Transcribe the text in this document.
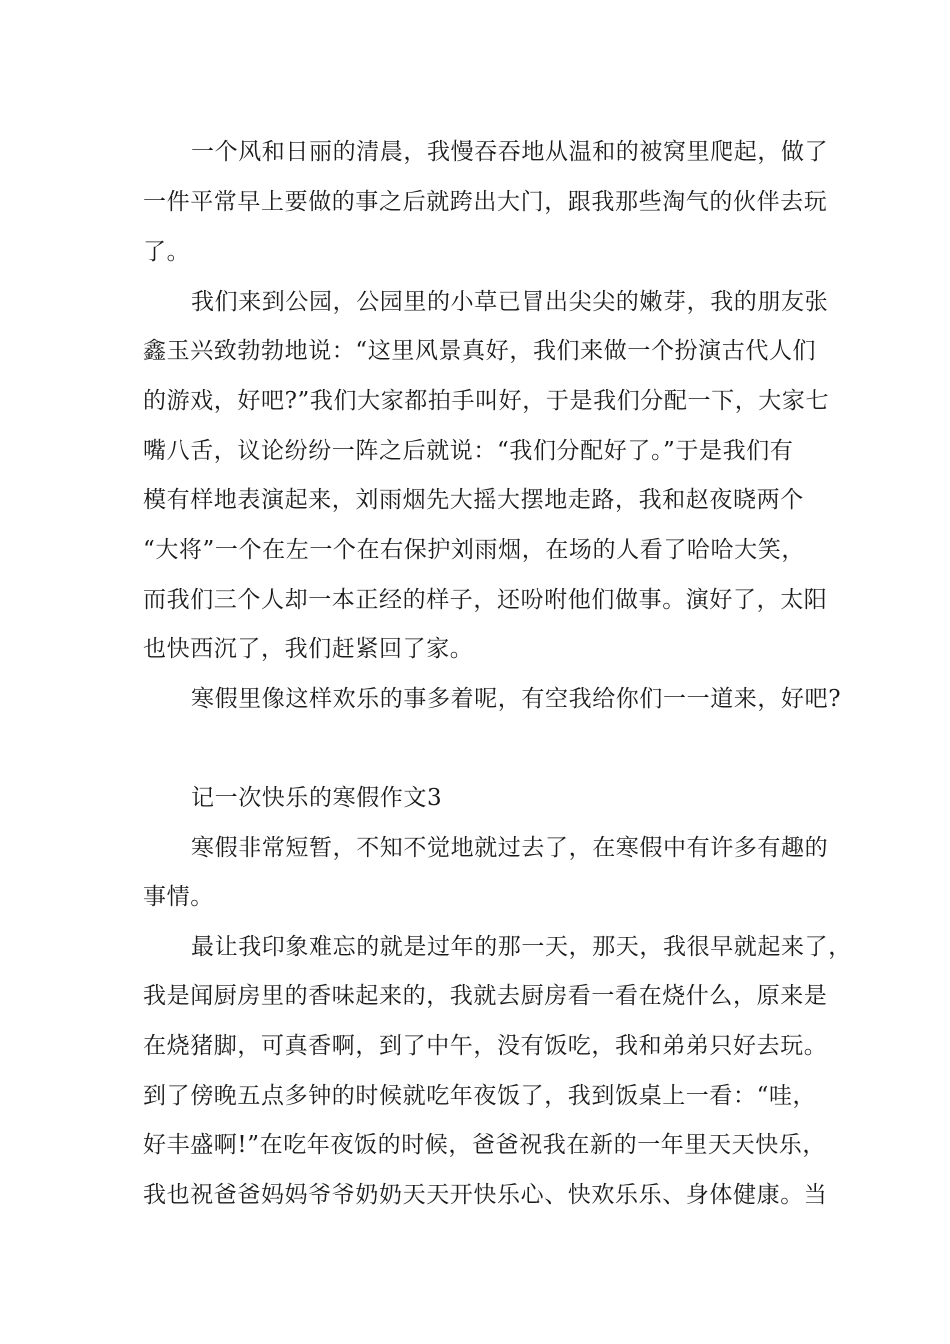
一个风和日丽的清晨，我慢吞吞地从温和的被窝里爬起，做了
一件平常早上要做的事之后就跨出大门，跟我那些淘气的伙伴去玩
了。
我们来到公园，公园里的小草已冒出尖尖的嫩芽，我的朋友张
鑫玉兴致勃勃地说：“这里风景真好，我们来做一个扮演古代人们
的游戏，好吧?”我们大家都拍手叫好，于是我们分配一下，大家七
嘴八舌，议论纷纷一阵之后就说：“我们分配好了。”于是我们有
模有样地表演起来，刘雨烟先大摇大摆地走路，我和赵夜晓两个
“大将”一个在左一个在右保护刘雨烟，在场的人看了哈哈大笑，
而我们三个人却一本正经的样子，还吩咐他们做事。演好了，太阳
也快西沉了，我们赶紧回了家。
寒假里像这样欢乐的事多着呢，有空我给你们一一道来，好吧?
记一次快乐的寒假作文3
寒假非常短暂，不知不觉地就过去了，在寒假中有许多有趣的
事情。
最让我印象难忘的就是过年的那一天，那天，我很早就起来了，
我是闻厨房里的香味起来的，我就去厨房看一看在烧什么，原来是
在烧猪脚，可真香啊，到了中午，没有饭吃，我和弟弟只好去玩。
到了傍晚五点多钟的时候就吃年夜饭了，我到饭桌上一看：“哇，
好丰盛啊!”在吃年夜饭的时候，爸爸祝我在新的一年里天天快乐，
我也祝爸爸妈妈爷爷奶奶天天开快乐心、快欢乐乐、身体健康。当
